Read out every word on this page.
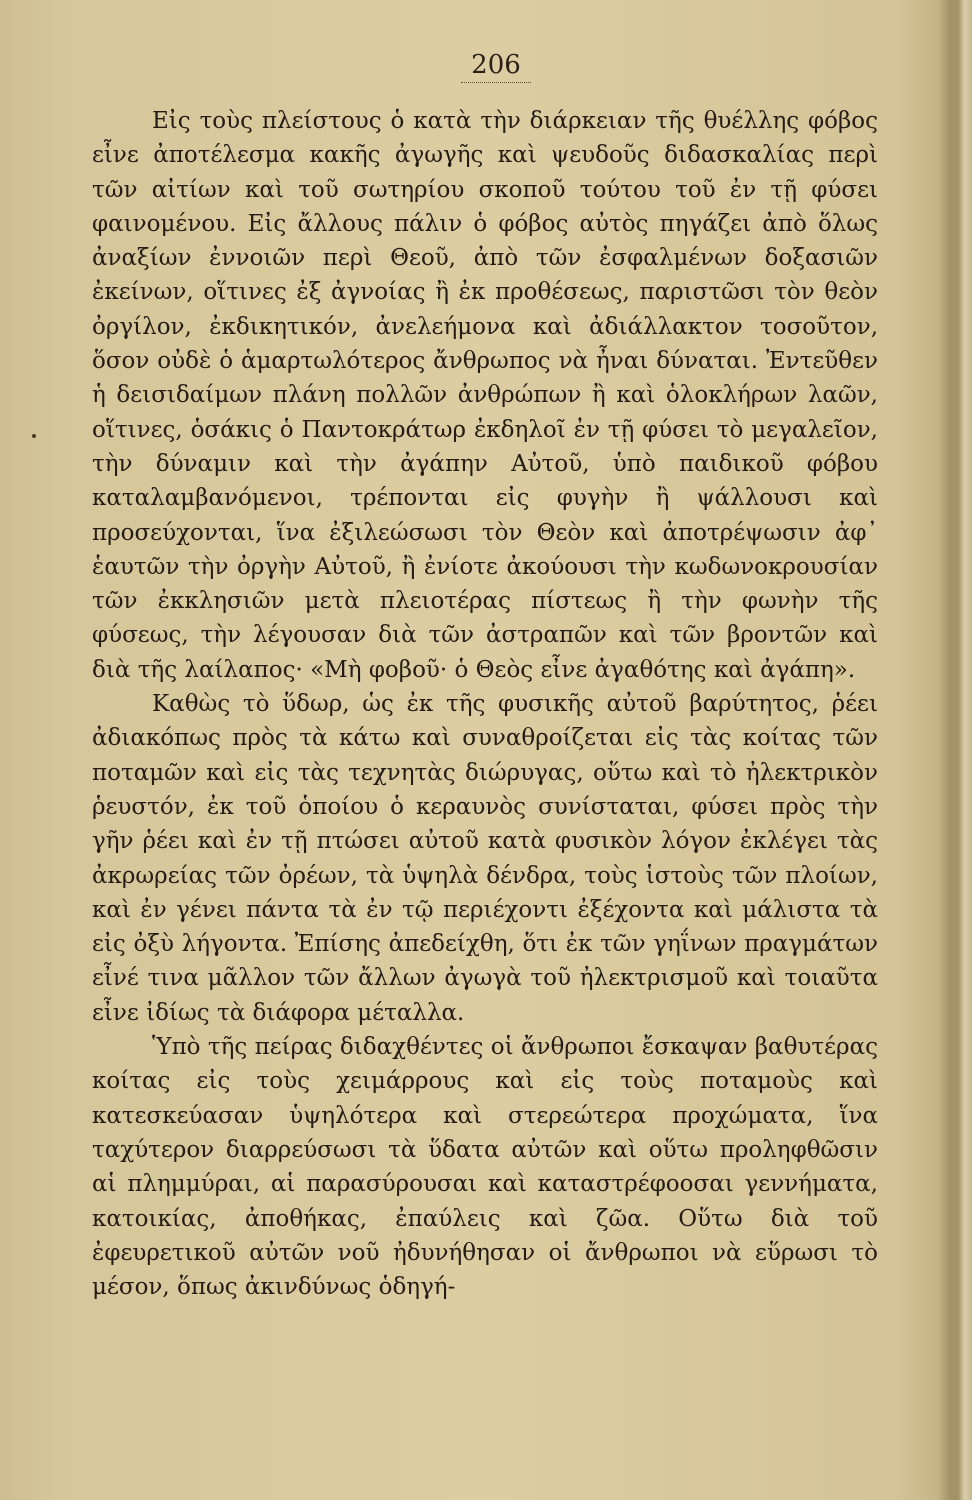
206

Εἰς τοὺς πλείστους ὁ κατὰ τὴν διάρκειαν τῆς θυέλλης φόβος εἶνε ἀποτέλεσμα κακῆς ἀγωγῆς καὶ ψευδοῦς διδασκαλίας περὶ τῶν αἰτίων καὶ τοῦ σωτηρίου σκοποῦ τούτου τοῦ ἐν τῇ φύσει φαινομένου. Εἰς ἄλλους πάλιν ὁ φόβος αὐτὸς πηγάζει ἀπὸ ὅλως ἀναξίων ἐννοιῶν περὶ Θεοῦ, ἀπὸ τῶν ἐσφαλμένων δοξασιῶν ἐκείνων, οἵτινες ἐξ ἀγνοίας ἢ ἐκ προθέσεως, παριστῶσι τὸν θεὸν ὀργίλον, ἐκδικητικόν, ἀνελεήμονα καὶ ἀδιάλλακτον τοσοῦτον, ὅσον οὐδὲ ὁ ἁμαρτωλότερος ἄνθρωπος νὰ ἦναι δύναται. Ἐντεῦθεν ἡ δεισιδαίμων πλάνη πολλῶν ἀνθρώπων ἢ καὶ ὁλοκλήρων λαῶν, οἵτινες, ὁσάκις ὁ Παντοκράτωρ ἐκδηλοῖ ἐν τῇ φύσει τὸ μεγαλεῖον, τὴν δύναμιν καὶ τὴν ἀγάπην Αὐτοῦ, ὑπὸ παιδικοῦ φόβου καταλαμβανόμενοι, τρέπονται εἰς φυγὴν ἢ ψάλλουσι καὶ προσεύχονται, ἵνα ἐξιλεώσωσι τὸν Θεὸν καὶ ἀποτρέψωσιν ἀφ᾿ ἑαυτῶν τὴν ὀργὴν Αὐτοῦ, ἢ ἐνίοτε ἀκούουσι τὴν κωδωνοκρουσίαν τῶν ἐκκλησιῶν μετὰ πλειοτέρας πίστεως ἢ τὴν φωνὴν τῆς φύσεως, τὴν λέγουσαν διὰ τῶν ἀστραπῶν καὶ τῶν βροντῶν καὶ διὰ τῆς λαίλαπος· «Μὴ φοβοῦ· ὁ Θεὸς εἶνε ἀγαθότης καὶ ἀγάπη».

Καθὼς τὸ ὕδωρ, ὡς ἐκ τῆς φυσικῆς αὐτοῦ βαρύτητος, ῥέει ἀδιακόπως πρὸς τὰ κάτω καὶ συναθροίζεται εἰς τὰς κοίτας τῶν ποταμῶν καὶ εἰς τὰς τεχνητὰς διώρυγας, οὕτω καὶ τὸ ἠλεκτρικὸν ῥευστόν, ἐκ τοῦ ὁποίου ὁ κεραυνὸς συνίσταται, φύσει πρὸς τὴν γῆν ῥέει καὶ ἐν τῇ πτώσει αὐτοῦ κατὰ φυσικὸν λόγον ἐκλέγει τὰς ἀκρωρείας τῶν ὀρέων, τὰ ὑψηλὰ δένδρα, τοὺς ἱστοὺς τῶν πλοίων, καὶ ἐν γένει πάντα τὰ ἐν τῷ περιέχοντι ἐξέχοντα καὶ μάλιστα τὰ εἰς ὀξὺ λήγοντα. Ἐπίσης ἀπεδείχθη, ὅτι ἐκ τῶν γηΐνων πραγμάτων εἶνέ τινα μᾶλλον τῶν ἄλλων ἀγωγὰ τοῦ ἠλεκτρισμοῦ καὶ τοιαῦτα εἶνε ἰδίως τὰ διάφορα μέταλλα.

Ὑπὸ τῆς πείρας διδαχθέντες οἱ ἄνθρωποι ἔσκαψαν βαθυτέρας κοίτας εἰς τοὺς χειμάρρους καὶ εἰς τοὺς ποταμοὺς καὶ κατεσκεύασαν ὑψηλότερα καὶ στερεώτερα προχώματα, ἵνα ταχύτερον διαρρεύσωσι τὰ ὕδατα αὐτῶν καὶ οὕτω προληφθῶσιν αἱ πλημμύραι, αἱ παρασύρουσαι καὶ καταστρέφοοσαι γεννήματα, κατοικίας, ἀποθήκας, ἐπαύλεις καὶ ζῶα. Οὕτω διὰ τοῦ ἐφευρετικοῦ αὐτῶν νοῦ ἠδυνήθησαν οἱ ἄνθρωποι νὰ εὕρωσι τὸ μέσον, ὅπως ἀκινδύνως ὁδηγή-
